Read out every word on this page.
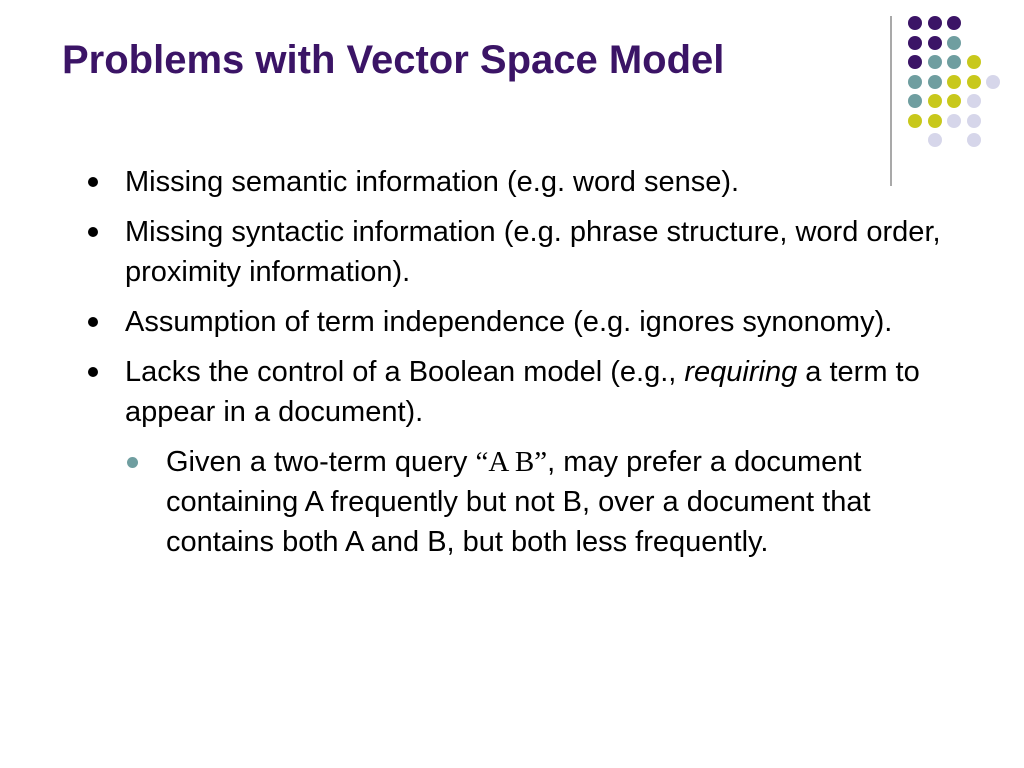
Problems with Vector Space Model
Missing semantic information (e.g. word sense).
Missing syntactic information (e.g. phrase structure, word order, proximity information).
Assumption of term independence (e.g. ignores synonomy).
Lacks the control of a Boolean model (e.g., requiring a term to appear in a document).
Given a two-term query “A B”, may prefer a document containing A frequently but not B, over a document that contains both A and B, but both less frequently.
